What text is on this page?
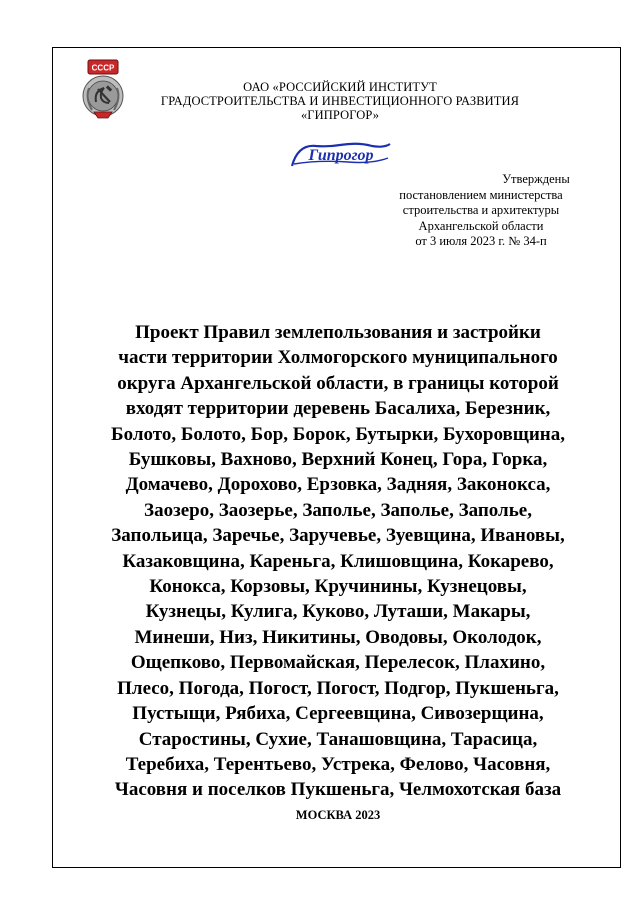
СССР
ОАО «РОССИЙСКИЙ ИНСТИТУТ
ГРАДОСТРОИТЕЛЬСТВА И ИНВЕСТИЦИОННОГО РАЗВИТИЯ
«ГИПРОГОР»
Гипрогор
Утверждены
постановлением министерства
строительства и архитектуры
Архангельской области
от 3 июля 2023 г. № 34-п
Проект Правил землепользования и застройки
части территории Холмогорского муниципального
округа Архангельской области, в границы которой
входят территории деревень Басалиха, Березник,
Болото, Болото, Бор, Борок, Бутырки, Бухоровщина,
Бушковы, Вахново, Верхний Конец, Гора, Горка,
Домачево, Дорохово, Ерзовка, Задняя, Законокса,
Заозеро, Заозерье, Заполье, Заполье, Заполье,
Запольица, Заречье, Заручевье, Зуевщина, Ивановы,
Казаковщина, Кареньга, Клишовщина, Кокарево,
Конокса, Корзовы, Кручинины, Кузнецовы,
Кузнецы, Кулига, Куково, Луташи, Макары,
Минеши, Низ, Никитины, Оводовы, Околодок,
Ощепково, Первомайская, Перелесок, Плахино,
Плесо, Погода, Погост, Погост, Подгор, Пукшеньга,
Пустыщи, Рябиха, Сергеевщина, Сивозерщина,
Старостины, Сухие, Танашовщина, Тарасица,
Теребиха, Терентьево, Устрека, Фелово, Часовня,
Часовня и поселков Пукшеньга, Челмохотская база
МОСКВА 2023
